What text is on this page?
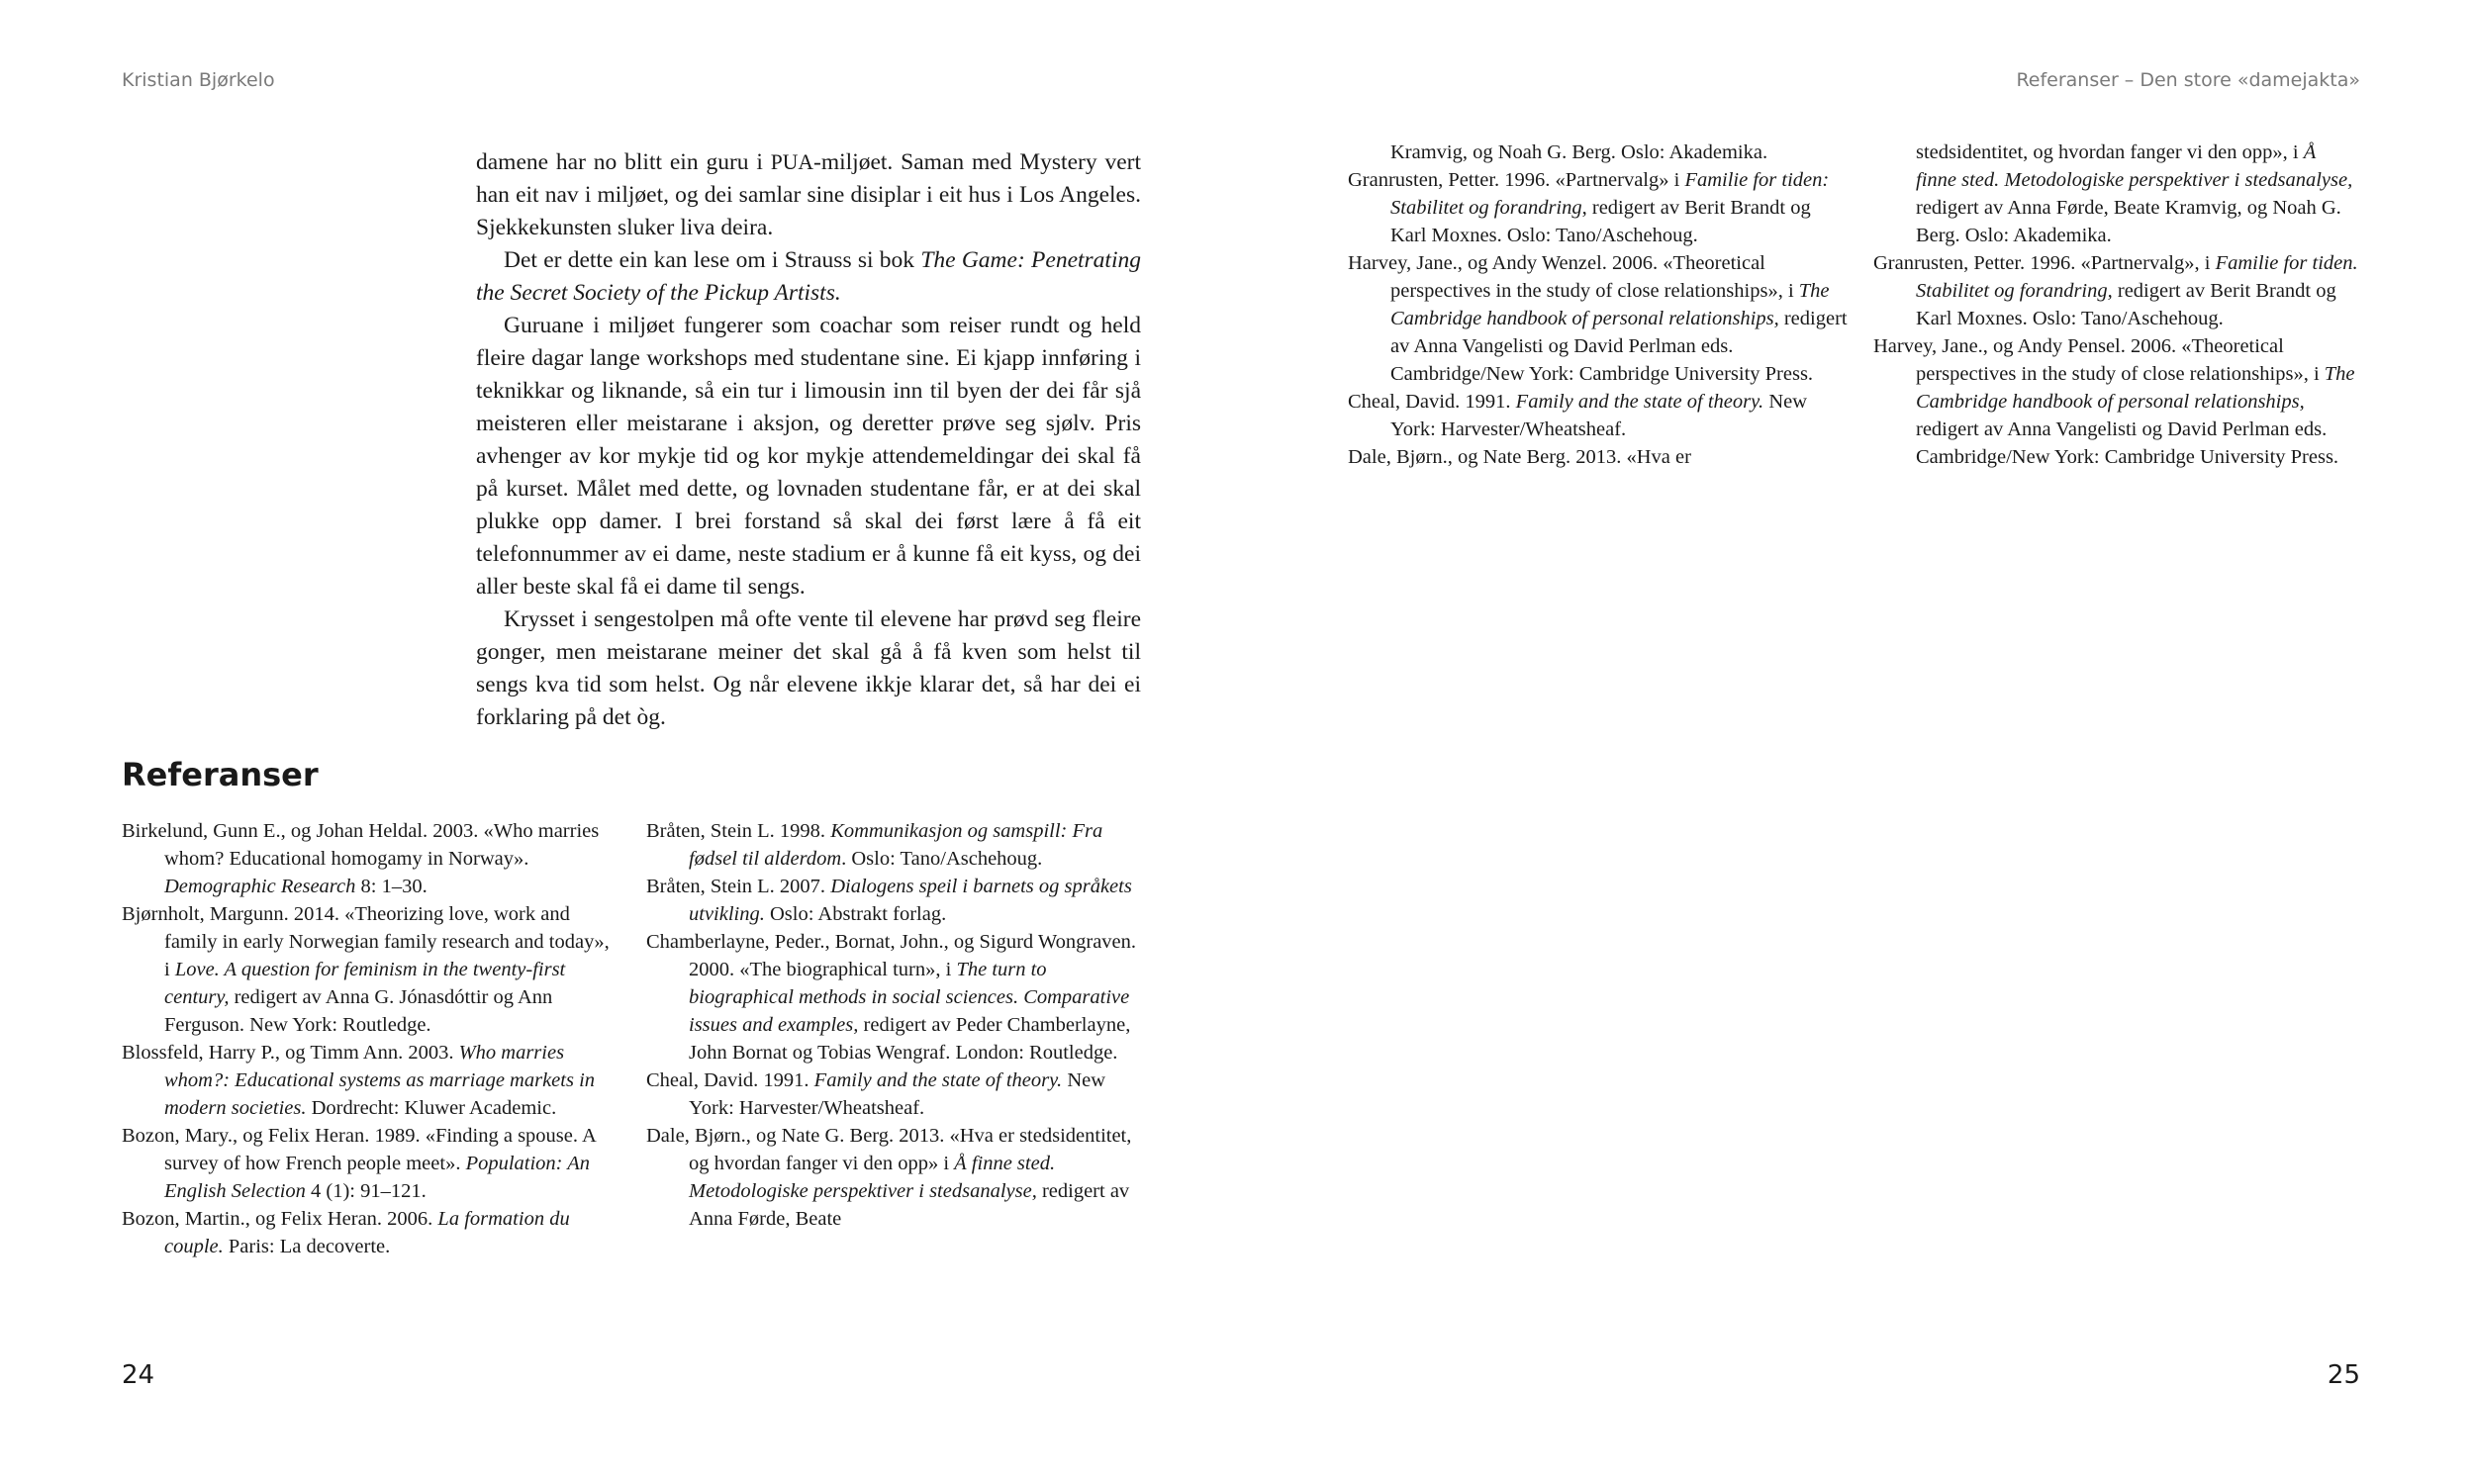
Kristian Bjørkelo	Referanser – Den store «damejakta»

damene har no blitt ein guru i PUA-miljøet. Saman med Mystery vert han eit nav i miljøet, og dei samlar sine disiplar i eit hus i Los Angeles. Sjekkekunsten sluker liva deira.

Det er dette ein kan lese om i Strauss si bok The Game: Penetrating the Secret Society of the Pickup Artists.

Guruane i miljøet fungerer som coachar som reiser rundt og held fleire dagar lange workshops med studentane sine. Ei kjapp innføring i teknikkar og liknande, så ein tur i limousin inn til byen der dei får sjå meisteren eller meistarane i aksjon, og deretter prøve seg sjølv. Pris avhenger av kor mykje tid og kor mykje attendemeldingar dei skal få på kurset. Målet med dette, og lovnaden studentane får, er at dei skal plukke opp damer. I brei forstand så skal dei først lære å få eit telefonnummer av ei dame, neste stadium er å kunne få eit kyss, og dei aller beste skal få ei dame til sengs.

Krysset i sengestolpen må ofte vente til elevene har prøvd seg fleire gonger, men meistarane meiner det skal gå å få kven som helst til sengs kva tid som helst. Og når elevene ikkje klarar det, så har dei ei forklaring på det òg.

Referanser
Birkelund, Gunn E., og Johan Heldal. 2003. «Who marries whom? Educational homogamy in Norway». Demographic Research 8: 1–30.
Bjørnholt, Margunn. 2014. «Theorizing love, work and family in early Norwegian family research and today», i Love. A question for feminism in the twenty-first century, redigert av Anna G. Jónasdóttir og Ann Ferguson. New York: Routledge.
Blossfeld, Harry P., og Timm Ann. 2003. Who marries whom?: Educational systems as marriage markets in modern societies. Dordrecht: Kluwer Academic.
Bozon, Mary., og Felix Heran. 1989. «Finding a spouse. A survey of how French people meet». Population: An English Selection 4 (1): 91–121.
Bozon, Martin., og Felix Heran. 2006. La formation du couple. Paris: La decoverte.
Bråten, Stein L. 1998. Kommunikasjon og samspill: Fra fødsel til alderdom. Oslo: Tano/Aschehoug.
Bråten, Stein L. 2007. Dialogens speil i barnets og språkets utvikling. Oslo: Abstrakt forlag.
Chamberlayne, Peder., Bornat, John., og Sigurd Wongraven. 2000. «The biographical turn», i The turn to biographical methods in social sciences. Comparative issues and examples, redigert av Peder Chamberlayne, John Bornat og Tobias Wengraf. London: Routledge.
Cheal, David. 1991. Family and the state of theory. New York: Harvester/Wheatsheaf.
Dale, Bjørn., og Nate G. Berg. 2013. «Hva er stedsidentitet, og hvordan fanger vi den opp» i Å finne sted. Metodologiske perspektiver i stedsanalyse, redigert av Anna Førde, Beate
Kramvig, og Noah G. Berg. Oslo: Akademika.
Granrusten, Petter. 1996. «Partnervalg» i Familie for tiden: Stabilitet og forandring, redigert av Berit Brandt og Karl Moxnes. Oslo: Tano/Aschehoug.
Harvey, Jane., og Andy Wenzel. 2006. «Theoretical perspectives in the study of close relationships», i The Cambridge handbook of personal relationships, redigert av Anna Vangelisti og David Perlman eds. Cambridge/New York: Cambridge University Press.
Cheal, David. 1991. Family and the state of theory. New York: Harvester/Wheatsheaf.
Dale, Bjørn., og Nate Berg. 2013. «Hva er
stedsidentitet, og hvordan fanger vi den opp», i Å finne sted. Metodologiske perspektiver i stedsanalyse, redigert av Anna Førde, Beate Kramvig, og Noah G. Berg. Oslo: Akademika.
Granrusten, Petter. 1996. «Partnervalg», i Familie for tiden. Stabilitet og forandring, redigert av Berit Brandt og Karl Moxnes. Oslo: Tano/Aschehoug.
Harvey, Jane., og Andy Pensel. 2006. «Theoretical perspectives in the study of close relationships», i The Cambridge handbook of personal relationships, redigert av Anna Vangelisti og David Perlman eds. Cambridge/New York: Cambridge University Press.
24	25
